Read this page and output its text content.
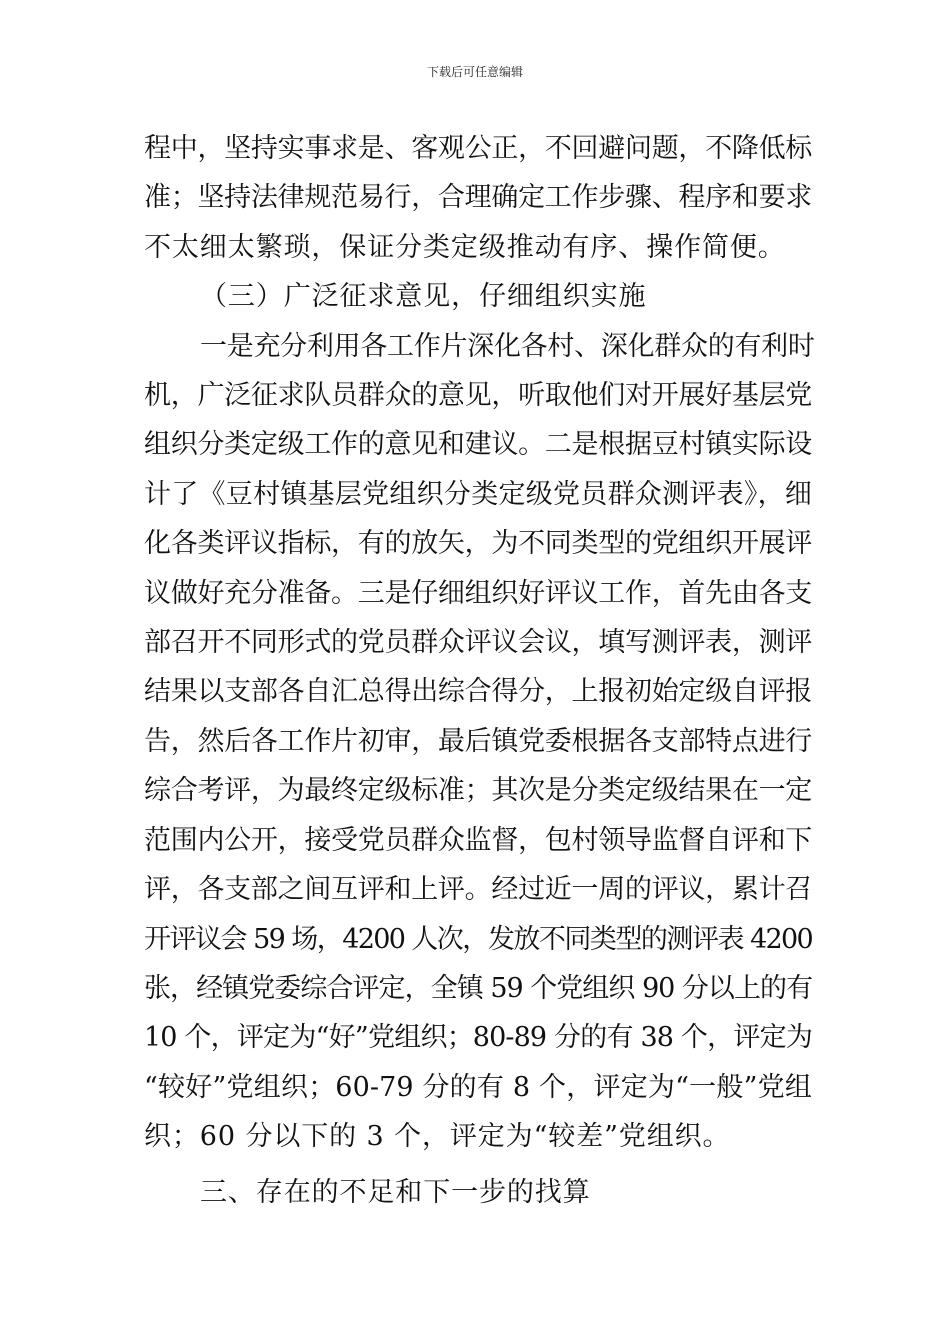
下载后可任意编辑

程中，坚持实事求是、客观公正，不回避问题，不降低标
准；坚持法律规范易行，合理确定工作步骤、程序和要求
不太细太繁琐，保证分类定级推动有序、操作简便。

（三）广泛征求意见，仔细组织实施

一是充分利用各工作片深化各村、深化群众的有利时
机，广泛征求队员群众的意见，听取他们对开展好基层党
组织分类定级工作的意见和建议。二是根据豆村镇实际设
计了《豆村镇基层党组织分类定级党员群众测评表》，细
化各类评议指标，有的放矢，为不同类型的党组织开展评
议做好充分准备。三是仔细组织好评议工作，首先由各支
部召开不同形式的党员群众评议会议，填写测评表，测评
结果以支部各自汇总得出综合得分，上报初始定级自评报
告，然后各工作片初审，最后镇党委根据各支部特点进行
综合考评，为最终定级标准；其次是分类定级结果在一定
范围内公开，接受党员群众监督，包村领导监督自评和下
评，各支部之间互评和上评。经过近一周的评议，累计召
开评议会 59 场，4200 人次，发放不同类型的测评表 4200
张，经镇党委综合评定，全镇 59 个党组织 90 分以上的有
10 个，评定为“好”党组织；80-89 分的有 38 个，评定为
“较好”党组织；60-79 分的有 8 个，评定为“一般”党组
织；60 分以下的 3 个，评定为“较差”党组织。

三、存在的不足和下一步的找算
